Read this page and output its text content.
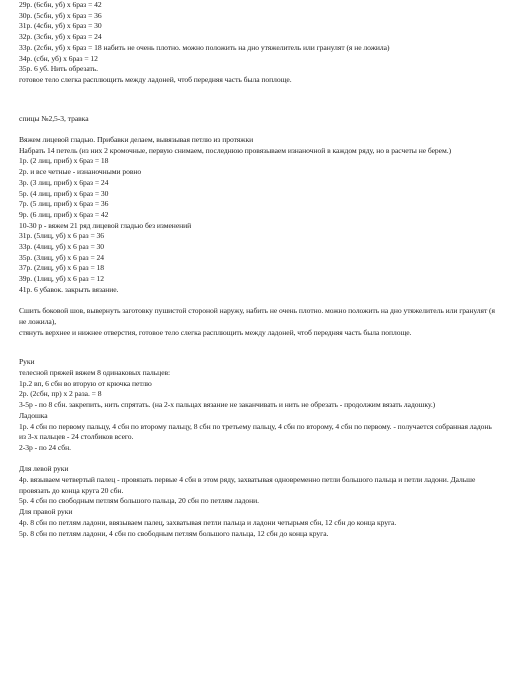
29р. (6сбн, уб) х 6раз = 42
30р. (5сбн, уб) х 6раз = 36
31р. (4сбн, уб) х 6раз = 30
32р. (3сбн, уб) х 6раз = 24
33р. (2сбн, уб) х 6раз = 18 набить не очень плотно. можно положить на дно утяжелитель или гранулят (я не ложила)
34р. (сбн, уб) х 6раз = 12
35р. 6 уб. Нить обрезать.
готовое тело слегка расплющить между ладоней, чтоб передняя часть была поплоще.
спицы №2,5-3, травка
Вяжем лицевой гладью. Прибавки делаем, вывязывая петлю из протяжки
Набрать 14 петель (из них 2 кромочные, первую снимаем, последнюю провязываем изнаночной в каждом ряду, но в расчеты не берем.)
1р. (2 лиц, приб) х 6раз = 18
2р. и все четные - изнаночными ровно
3р. (3 лиц, приб) х 6раз = 24
5р. (4 лиц, приб) х 6раз = 30
7р. (5 лиц, приб) х 6раз = 36
9р. (6 лиц, приб) х 6раз = 42
10-30 р - вяжем 21 ряд лицевой гладью без изменений
31р. (5лиц, уб) х 6 раз = 36
33р. (4лиц, уб) х 6 раз = 30
35р. (3лиц, уб) х 6 раз = 24
37р. (2лиц, уб) х 6 раз = 18
39р. (1лиц, уб) х 6 раз = 12
41р. 6 убавок. закрыть вязание.
Сшить боковой шов, вывернуть заготовку пушистой стороной наружу, набить не очень плотно. можно положить на дно утяжелитель или гранулят (я не ложила),
стянуть верхнее и нижнее отверстия, готовое тело слегка расплющить между ладоней, чтоб передняя часть была поплоще.
Руки
телесной пряжей вяжем 8 одинаковых пальцев:
1р.2 вп, 6 сбн во вторую от крючка петлю
2р. (2сбн, пр) х 2 раза. = 8
3-5р - по 8 сбн. закрепить, нить спрятать. (на 2-х пальцах вязание не заканчивать и нить не обрезать - продолжим вязать ладошку.)
Ладошка
1р. 4 сбн по первому пальцу, 4 сбн по второму пальцу, 8 сбн по третьему пальцу, 4 сбн по второму, 4 сбн по первому. - получается собранная ладонь из 3-х пальцев - 24 столбиков всего.
2-3р - по 24 сбн.
Для левой руки
4р. вязываем четвертый палец - провязать первые 4 сбн в этом ряду, захватывая одновременно петли большого пальца и петли ладони. Дальше провязать до конца круга 20 сбн.
5р. 4 сбн по свободным петлям большого пальца, 20 сбн по петлям ладони.
Для правой руки
4р. 8 сбн по петлям ладони, ввязываем палец, захватывая петли пальца и ладони четырьмя сбн, 12 сбн до конца круга.
5р. 8 сбн по петлям ладони, 4 сбн по свободным петлям большого пальца, 12 сбн до конца круга.
